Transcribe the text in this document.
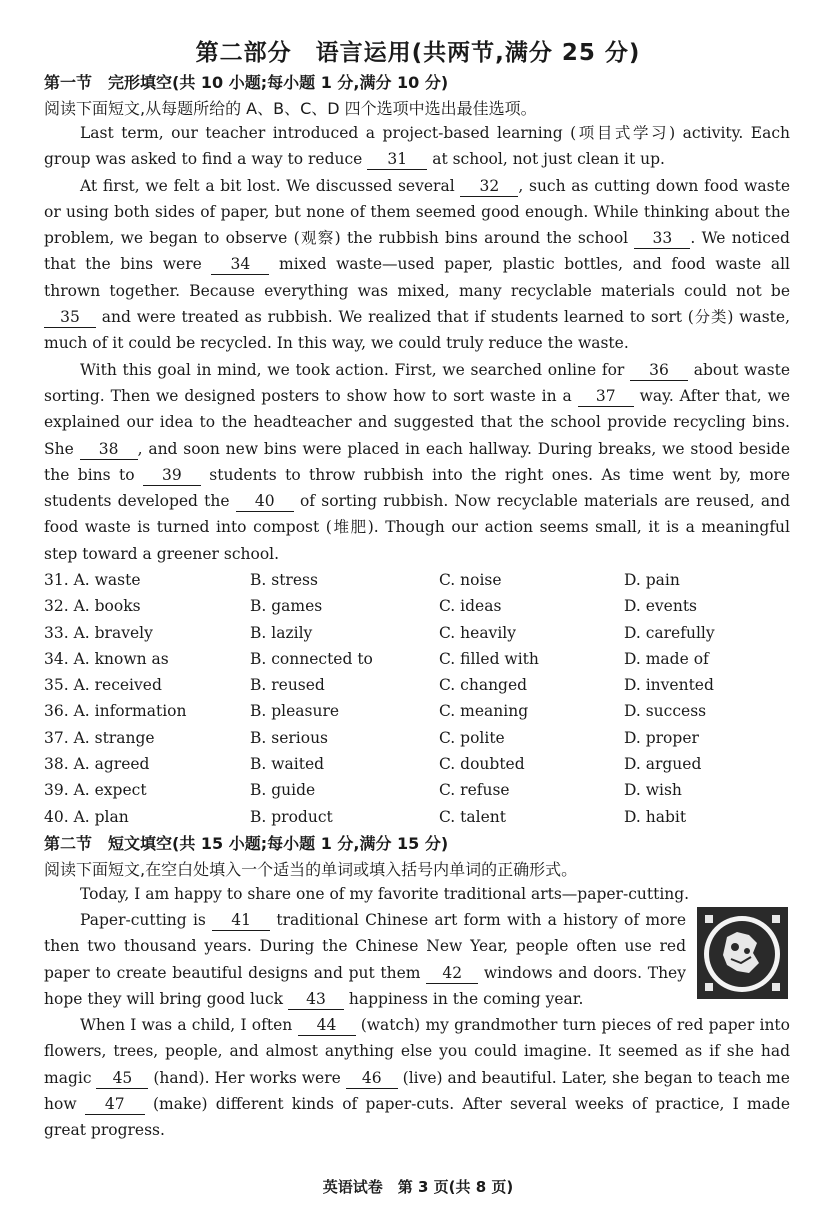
第二部分　语言运用(共两节,满分 25 分)
第一节　完形填空(共 10 小题;每小题 1 分,满分 10 分)
阅读下面短文,从每题所给的 A、B、C、D 四个选项中选出最佳选项。

Last term, our teacher introduced a project-based learning (项目式学习) activity. Each group was asked to find a way to reduce 31 at school, not just clean it up.

At first, we felt a bit lost. We discussed several 32 , such as cutting down food waste or using both sides of paper, but none of them seemed good enough. While thinking about the problem, we began to observe (观察) the rubbish bins around the school 33 . We noticed that the bins were 34 mixed waste—used paper, plastic bottles, and food waste all thrown together. Because everything was mixed, many recyclable materials could not be 35 and were treated as rubbish. We realized that if students learned to sort (分类) waste, much of it could be recycled. In this way, we could truly reduce the waste.

With this goal in mind, we took action. First, we searched online for 36 about waste sorting. Then we designed posters to show how to sort waste in a 37 way. After that, we explained our idea to the headteacher and suggested that the school provide recycling bins. She 38 , and soon new bins were placed in each hallway. During breaks, we stood beside the bins to 39 students to throw rubbish into the right ones. As time went by, more students developed the 40 of sorting rubbish. Now recyclable materials are reused, and food waste is turned into compost (堆肥). Though our action seems small, it is a meaningful step toward a greener school.

31. A. waste	B. stress	C. noise	D. pain
32. A. books	B. games	C. ideas	D. events
33. A. bravely	B. lazily	C. heavily	D. carefully
34. A. known as	B. connected to	C. filled with	D. made of
35. A. received	B. reused	C. changed	D. invented
36. A. information	B. pleasure	C. meaning	D. success
37. A. strange	B. serious	C. polite	D. proper
38. A. agreed	B. waited	C. doubted	D. argued
39. A. expect	B. guide	C. refuse	D. wish
40. A. plan	B. product	C. talent	D. habit
第二节　短文填空(共 15 小题;每小题 1 分,满分 15 分)
阅读下面短文,在空白处填入一个适当的单词或填入括号内单词的正确形式。

Today, I am happy to share one of my favorite traditional arts—paper-cutting.

Paper-cutting is 41 traditional Chinese art form with a history of more then two thousand years. During the Chinese New Year, people often use red paper to create beautiful designs and put them 42 windows and doors. They hope they will bring good luck 43 happiness in the coming year.

When I was a child, I often 44 (watch) my grandmother turn pieces of red paper into flowers, trees, people, and almost anything else you could imagine. It seemed as if she had magic 45 (hand). Her works were 46 (live) and beautiful. Later, she began to teach me how 47 (make) different kinds of paper-cuts. After several weeks of practice, I made great progress.

英语试卷　第 3 页(共 8 页)
